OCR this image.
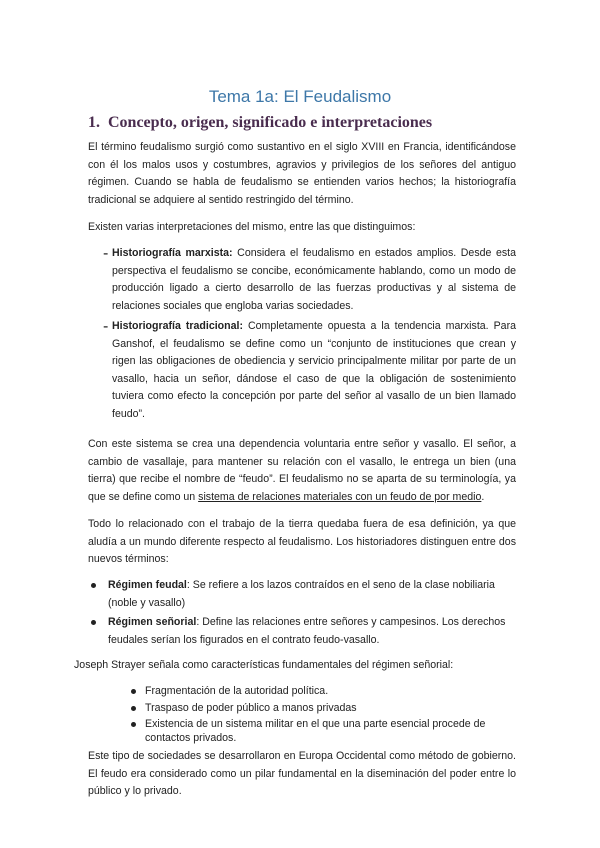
Tema 1a: El Feudalismo
1. Concepto, origen, significado e interpretaciones

El término feudalismo surgió como sustantivo en el siglo XVIII en Francia, identificándose con él los malos usos y costumbres, agravios y privilegios de los señores del antiguo régimen. Cuando se habla de feudalismo se entienden varios hechos; la historiografía tradicional se adquiere al sentido restringido del término.

Existen varias interpretaciones del mismo, entre las que distinguimos:

- Historiografía marxista: Considera el feudalismo en estados amplios. Desde esta perspectiva el feudalismo se concibe, económicamente hablando, como un modo de producción ligado a cierto desarrollo de las fuerzas productivas y al sistema de relaciones sociales que engloba varias sociedades.

- Historiografía tradicional: Completamente opuesta a la tendencia marxista. Para Ganshof, el feudalismo se define como un “conjunto de instituciones que crean y rigen las obligaciones de obediencia y servicio principalmente militar por parte de un vasallo, hacia un señor, dándose el caso de que la obligación de sostenimiento tuviera como efecto la concepción por parte del señor al vasallo de un bien llamado feudo”.

Con este sistema se crea una dependencia voluntaria entre señor y vasallo. El señor, a cambio de vasallaje, para mantener su relación con el vasallo, le entrega un bien (una tierra) que recibe el nombre de “feudo”. El feudalismo no se aparta de su terminología, ya que se define como un sistema de relaciones materiales con un feudo de por medio.

Todo lo relacionado con el trabajo de la tierra quedaba fuera de esa definición, ya que aludía a un mundo diferente respecto al feudalismo. Los historiadores distinguen entre dos nuevos términos:

Régimen feudal: Se refiere a los lazos contraídos en el seno de la clase nobiliaria (noble y vasallo)
Régimen señorial: Define las relaciones entre señores y campesinos. Los derechos feudales serían los figurados en el contrato feudo-vasallo.

Joseph Strayer señala como características fundamentales del régimen señorial:

Fragmentación de la autoridad política.
Traspaso de poder público a manos privadas
Existencia de un sistema militar en el que una parte esencial procede de contactos privados.

Este tipo de sociedades se desarrollaron en Europa Occidental como método de gobierno. El feudo era considerado como un pilar fundamental en la diseminación del poder entre lo público y lo privado.
